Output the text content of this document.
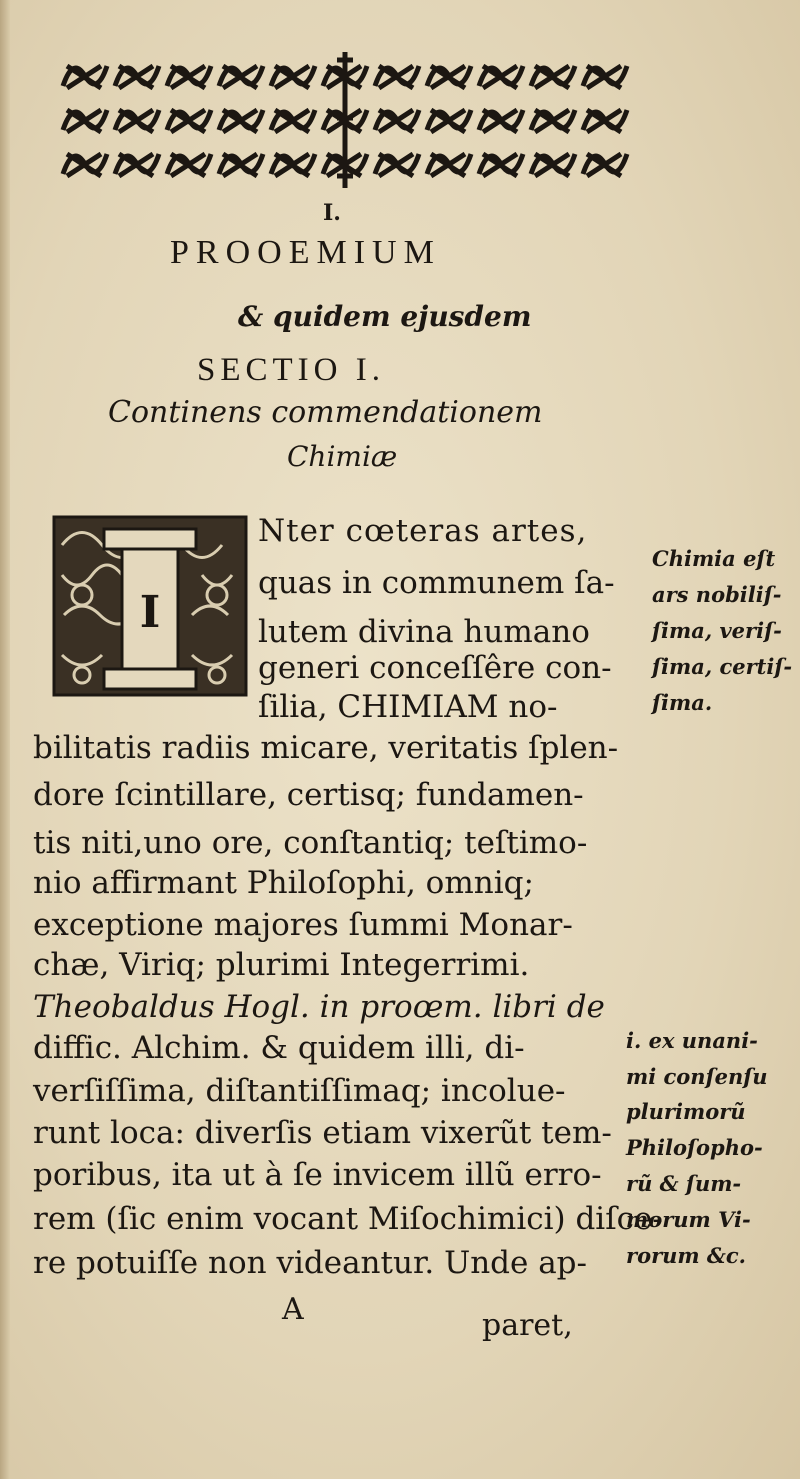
I.
PROOEMIUM
& quidem ejusdem
SECTIO I.
Continens commendationem
Chimiæ
I
Nter cœteras artes,
quas in communem ſa-
lutem divina humano
generi conceſſêre con-
ſilia, CHIMIAM no-
bilitatis radiis micare, veritatis ſplen-
dore ſcintillare, certisq; fundamen-
tis niti,uno ore, conſtantiq; teſtimo-
nio affirmant Philoſophi, omniq;
exceptione majores ſummi Monar-
chæ, Viriq; plurimi Integerrimi.
Theobaldus Hogl. in proœm. libri de
diffic. Alchim. & quidem illi, di-
verſiſſima, diſtantiſſimaq; incolue-
runt loca: diverſis etiam vixerũt tem-
poribus, ita ut à ſe invicem illũ erro-
rem (ſic enim vocant Miſochimici) diſce-
re potuiſſe non videantur. Unde ap-
Chimia eſt
ars nobiliſ-
ſima, veriſ-
ſima, certiſ-
ſima.
i. ex unani-
mi conſenſu
plurimorũ
Philoſopho-
rũ & ſum-
morum Vi-
rorum &c.
A	paret,
